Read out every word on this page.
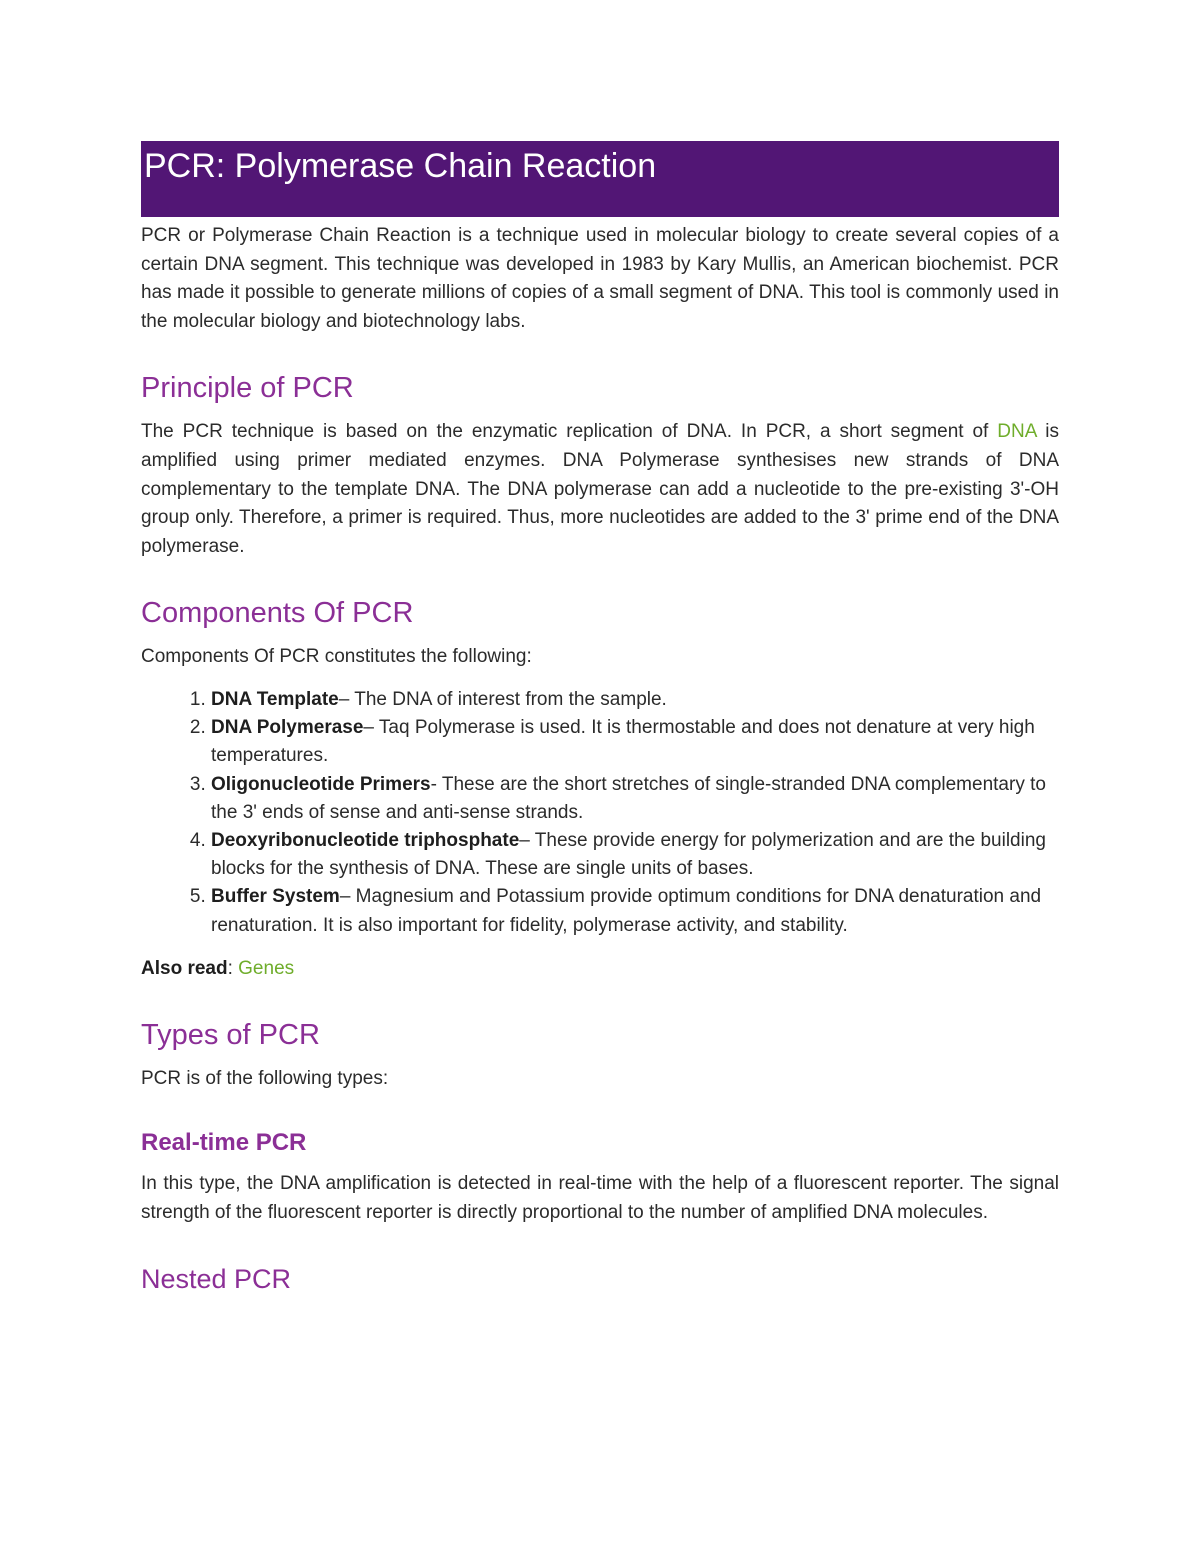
PCR: Polymerase Chain Reaction

PCR or Polymerase Chain Reaction is a technique used in molecular biology to create several copies of a certain DNA segment. This technique was developed in 1983 by Kary Mullis, an American biochemist. PCR has made it possible to generate millions of copies of a small segment of DNA. This tool is commonly used in the molecular biology and biotechnology labs.

Principle of PCR

The PCR technique is based on the enzymatic replication of DNA. In PCR, a short segment of DNA is amplified using primer mediated enzymes. DNA Polymerase synthesises new strands of DNA complementary to the template DNA. The DNA polymerase can add a nucleotide to the pre-existing 3'-OH group only. Therefore, a primer is required. Thus, more nucleotides are added to the 3' prime end of the DNA polymerase.

Components Of PCR

Components Of PCR constitutes the following:

1. DNA Template– The DNA of interest from the sample.
2. DNA Polymerase– Taq Polymerase is used. It is thermostable and does not denature at very high temperatures.
3. Oligonucleotide Primers- These are the short stretches of single-stranded DNA complementary to the 3' ends of sense and anti-sense strands.
4. Deoxyribonucleotide triphosphate– These provide energy for polymerization and are the building blocks for the synthesis of DNA. These are single units of bases.
5. Buffer System– Magnesium and Potassium provide optimum conditions for DNA denaturation and renaturation. It is also important for fidelity, polymerase activity, and stability.

Also read: Genes

Types of PCR

PCR is of the following types:

Real-time PCR

In this type, the DNA amplification is detected in real-time with the help of a fluorescent reporter. The signal strength of the fluorescent reporter is directly proportional to the number of amplified DNA molecules.

Nested PCR
